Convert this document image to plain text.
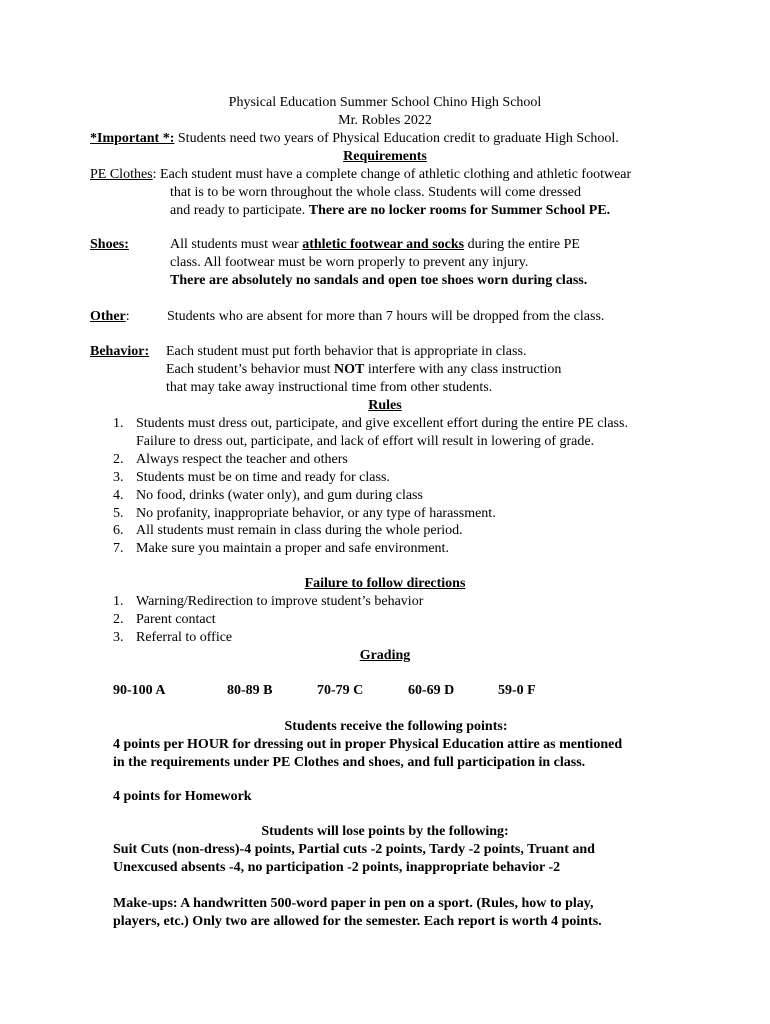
Physical Education Summer School Chino High School
Mr. Robles 2022
*Important *: Students need two years of Physical Education credit to graduate High School.
Requirements
PE Clothes: Each student must have a complete change of athletic clothing and athletic footwear
that is to be worn throughout the whole class. Students will come dressed
and ready to participate. There are no locker rooms for Summer School PE.
Shoes:	All students must wear athletic footwear and socks during the entire PE
class. All footwear must be worn properly to prevent any injury.
There are absolutely no sandals and open toe shoes worn during class.
Other:	Students who are absent for more than 7 hours will be dropped from the class.
Behavior: Each student must put forth behavior that is appropriate in class.
Each student’s behavior must NOT interfere with any class instruction
that may take away instructional time from other students.
Rules
1. Students must dress out, participate, and give excellent effort during the entire PE class.
Failure to dress out, participate, and lack of effort will result in lowering of grade.
2. Always respect the teacher and others
3. Students must be on time and ready for class.
4. No food, drinks (water only), and gum during class
5. No profanity, inappropriate behavior, or any type of harassment.
6. All students must remain in class during the whole period.
7. Make sure you maintain a proper and safe environment.
Failure to follow directions
1. Warning/Redirection to improve student’s behavior
2. Parent contact
3. Referral to office
Grading
90-100 A	80-89 B	70-79 C	60-69 D	59-0 F
Students receive the following points:
4 points per HOUR for dressing out in proper Physical Education attire as mentioned
in the requirements under PE Clothes and shoes, and full participation in class.
4 points for Homework
Students will lose points by the following:
Suit Cuts (non-dress)-4 points, Partial cuts -2 points, Tardy -2 points, Truant and
Unexcused absents -4, no participation -2 points, inappropriate behavior -2
Make-ups: A handwritten 500-word paper in pen on a sport. (Rules, how to play,
players, etc.) Only two are allowed for the semester. Each report is worth 4 points.
